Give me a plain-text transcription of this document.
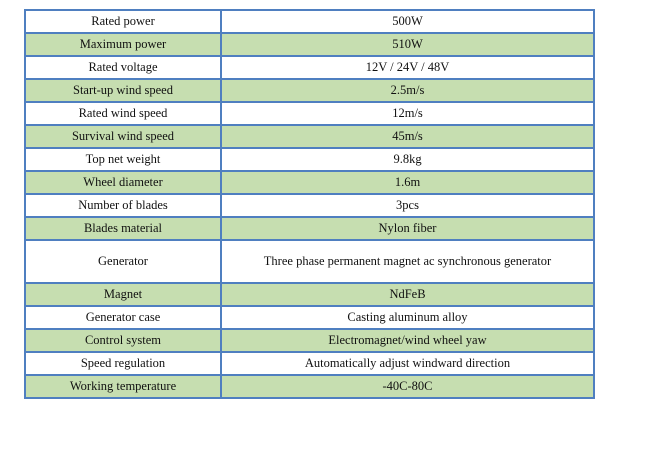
Rated power	500W
Maximum power	510W
Rated voltage	12V / 24V / 48V
Start-up wind speed	2.5m/s
Rated wind speed	12m/s
Survival wind speed	45m/s
Top net weight	9.8kg
Wheel diameter	1.6m
Number of blades	3pcs
Blades material	Nylon fiber
Generator	Three phase permanent magnet ac synchronous generator
Magnet	NdFeB
Generator case	Casting aluminum alloy
Control system	Electromagnet/wind wheel yaw
Speed regulation	Automatically adjust windward direction
Working temperature	-40C-80C
